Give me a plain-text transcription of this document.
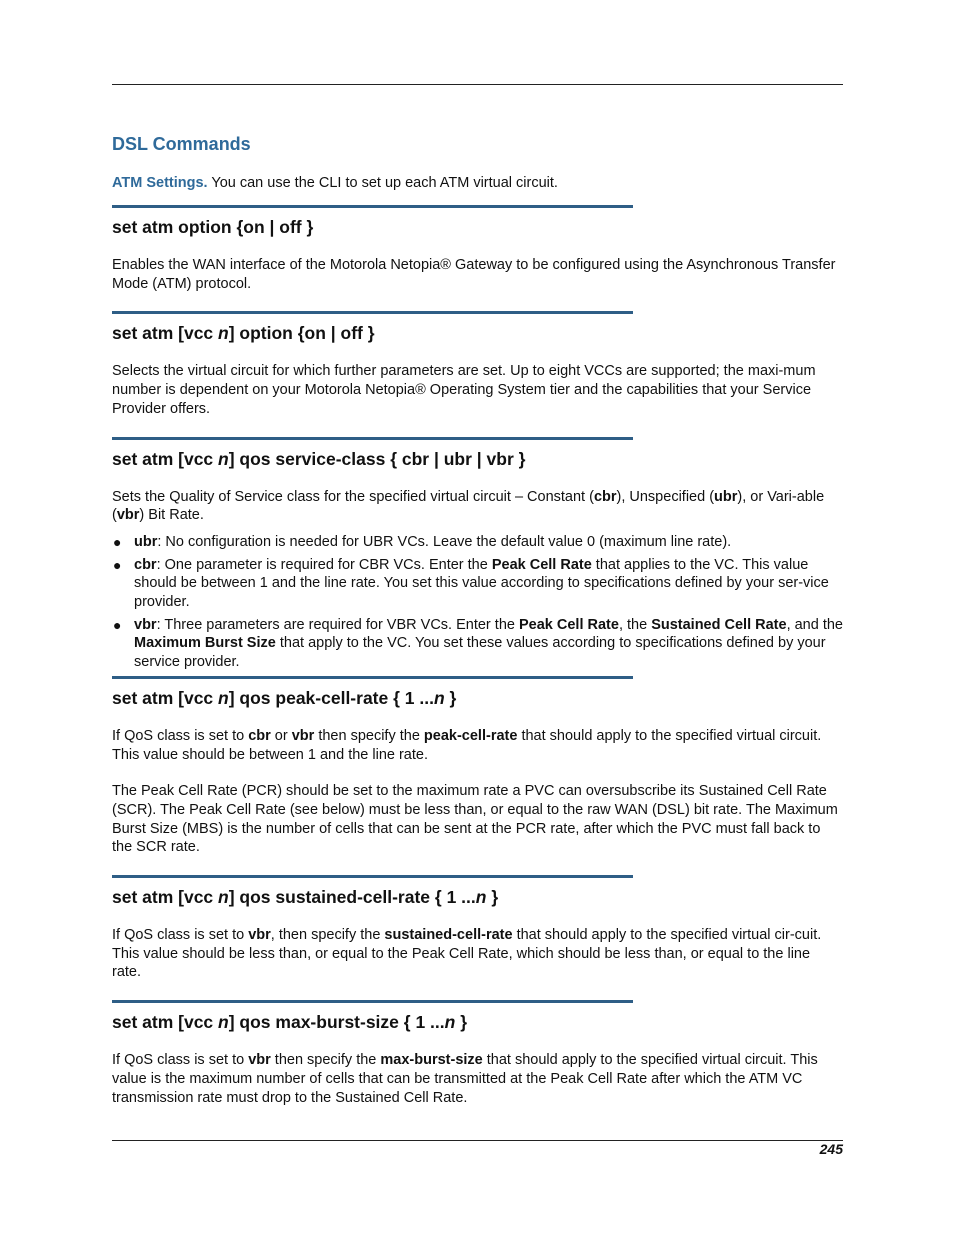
DSL Commands

ATM Settings. You can use the CLI to set up each ATM virtual circuit.

set atm option {on | off }

Enables the WAN interface of the Motorola Netopia® Gateway to be configured using the Asynchronous Transfer Mode (ATM) protocol.

set atm [vcc n] option {on | off }

Selects the virtual circuit for which further parameters are set. Up to eight VCCs are supported; the maxi-mum number is dependent on your Motorola Netopia® Operating System tier and the capabilities that your Service Provider offers.

set atm [vcc n] qos service-class { cbr | ubr | vbr }

Sets the Quality of Service class for the specified virtual circuit – Constant (cbr), Unspecified (ubr), or Vari-able (vbr) Bit Rate.

● ubr: No configuration is needed for UBR VCs. Leave the default value 0 (maximum line rate).
● cbr: One parameter is required for CBR VCs. Enter the Peak Cell Rate that applies to the VC. This value should be between 1 and the line rate. You set this value according to specifications defined by your ser-vice provider.
● vbr: Three parameters are required for VBR VCs. Enter the Peak Cell Rate, the Sustained Cell Rate, and the Maximum Burst Size that apply to the VC. You set these values according to specifications defined by your service provider.
set atm [vcc n] qos peak-cell-rate { 1 ...n }

If QoS class is set to cbr or vbr then specify the peak-cell-rate that should apply to the specified virtual circuit. This value should be between 1 and the line rate.

The Peak Cell Rate (PCR) should be set to the maximum rate a PVC can oversubscribe its Sustained Cell Rate (SCR). The Peak Cell Rate (see below) must be less than, or equal to the raw WAN (DSL) bit rate. The Maximum Burst Size (MBS) is the number of cells that can be sent at the PCR rate, after which the PVC must fall back to the SCR rate.

set atm [vcc n] qos sustained-cell-rate { 1 ...n }

If QoS class is set to vbr, then specify the sustained-cell-rate that should apply to the specified virtual cir-cuit. This value should be less than, or equal to the Peak Cell Rate, which should be less than, or equal to the line rate.

set atm [vcc n] qos max-burst-size { 1 ...n }

If QoS class is set to vbr then specify the max-burst-size that should apply to the specified virtual circuit. This value is the maximum number of cells that can be transmitted at the Peak Cell Rate after which the ATM VC transmission rate must drop to the Sustained Cell Rate.

245
